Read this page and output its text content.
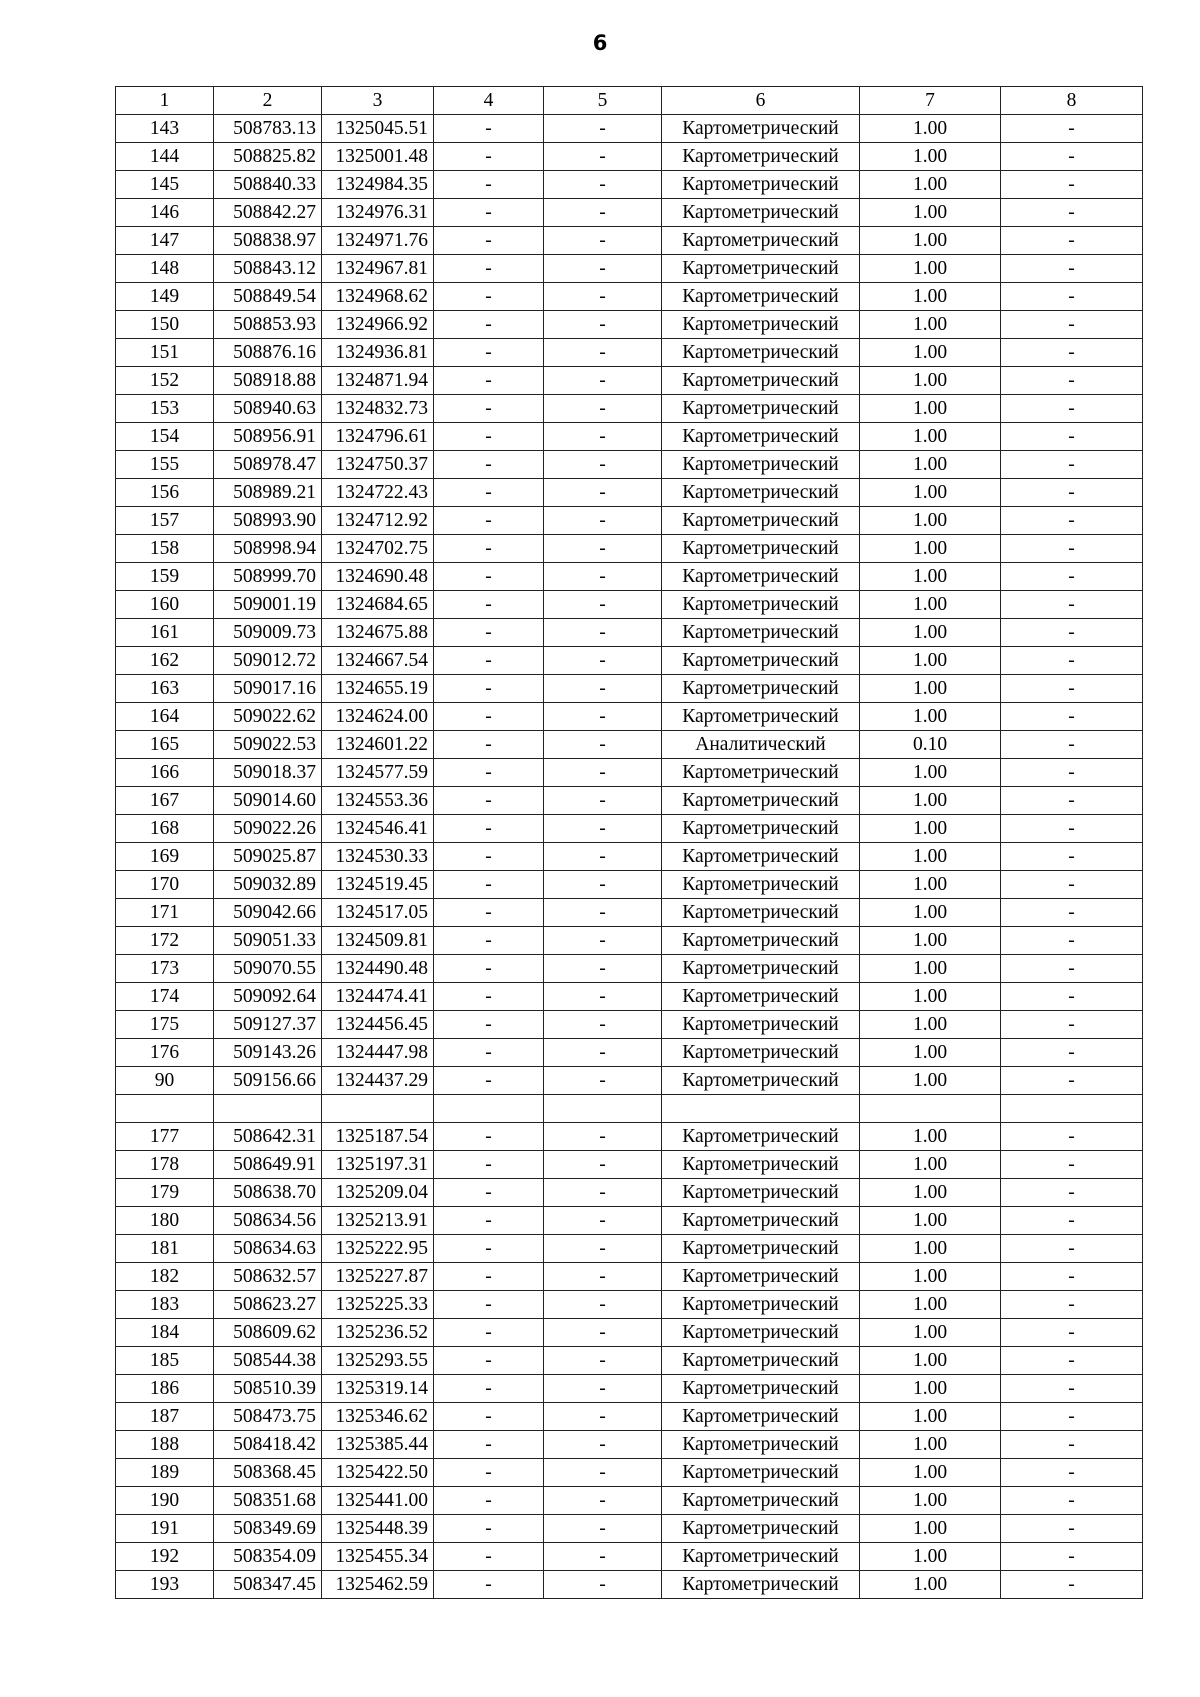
6
1	2	3	4	5	6	7	8
143	508783.13	1325045.51	-	-	Картометрический	1.00	-
144	508825.82	1325001.48	-	-	Картометрический	1.00	-
145	508840.33	1324984.35	-	-	Картометрический	1.00	-
146	508842.27	1324976.31	-	-	Картометрический	1.00	-
147	508838.97	1324971.76	-	-	Картометрический	1.00	-
148	508843.12	1324967.81	-	-	Картометрический	1.00	-
149	508849.54	1324968.62	-	-	Картометрический	1.00	-
150	508853.93	1324966.92	-	-	Картометрический	1.00	-
151	508876.16	1324936.81	-	-	Картометрический	1.00	-
152	508918.88	1324871.94	-	-	Картометрический	1.00	-
153	508940.63	1324832.73	-	-	Картометрический	1.00	-
154	508956.91	1324796.61	-	-	Картометрический	1.00	-
155	508978.47	1324750.37	-	-	Картометрический	1.00	-
156	508989.21	1324722.43	-	-	Картометрический	1.00	-
157	508993.90	1324712.92	-	-	Картометрический	1.00	-
158	508998.94	1324702.75	-	-	Картометрический	1.00	-
159	508999.70	1324690.48	-	-	Картометрический	1.00	-
160	509001.19	1324684.65	-	-	Картометрический	1.00	-
161	509009.73	1324675.88	-	-	Картометрический	1.00	-
162	509012.72	1324667.54	-	-	Картометрический	1.00	-
163	509017.16	1324655.19	-	-	Картометрический	1.00	-
164	509022.62	1324624.00	-	-	Картометрический	1.00	-
165	509022.53	1324601.22	-	-	Аналитический	0.10	-
166	509018.37	1324577.59	-	-	Картометрический	1.00	-
167	509014.60	1324553.36	-	-	Картометрический	1.00	-
168	509022.26	1324546.41	-	-	Картометрический	1.00	-
169	509025.87	1324530.33	-	-	Картометрический	1.00	-
170	509032.89	1324519.45	-	-	Картометрический	1.00	-
171	509042.66	1324517.05	-	-	Картометрический	1.00	-
172	509051.33	1324509.81	-	-	Картометрический	1.00	-
173	509070.55	1324490.48	-	-	Картометрический	1.00	-
174	509092.64	1324474.41	-	-	Картометрический	1.00	-
175	509127.37	1324456.45	-	-	Картометрический	1.00	-
176	509143.26	1324447.98	-	-	Картометрический	1.00	-
90	509156.66	1324437.29	-	-	Картометрический	1.00	-

177	508642.31	1325187.54	-	-	Картометрический	1.00	-
178	508649.91	1325197.31	-	-	Картометрический	1.00	-
179	508638.70	1325209.04	-	-	Картометрический	1.00	-
180	508634.56	1325213.91	-	-	Картометрический	1.00	-
181	508634.63	1325222.95	-	-	Картометрический	1.00	-
182	508632.57	1325227.87	-	-	Картометрический	1.00	-
183	508623.27	1325225.33	-	-	Картометрический	1.00	-
184	508609.62	1325236.52	-	-	Картометрический	1.00	-
185	508544.38	1325293.55	-	-	Картометрический	1.00	-
186	508510.39	1325319.14	-	-	Картометрический	1.00	-
187	508473.75	1325346.62	-	-	Картометрический	1.00	-
188	508418.42	1325385.44	-	-	Картометрический	1.00	-
189	508368.45	1325422.50	-	-	Картометрический	1.00	-
190	508351.68	1325441.00	-	-	Картометрический	1.00	-
191	508349.69	1325448.39	-	-	Картометрический	1.00	-
192	508354.09	1325455.34	-	-	Картометрический	1.00	-
193	508347.45	1325462.59	-	-	Картометрический	1.00	-
